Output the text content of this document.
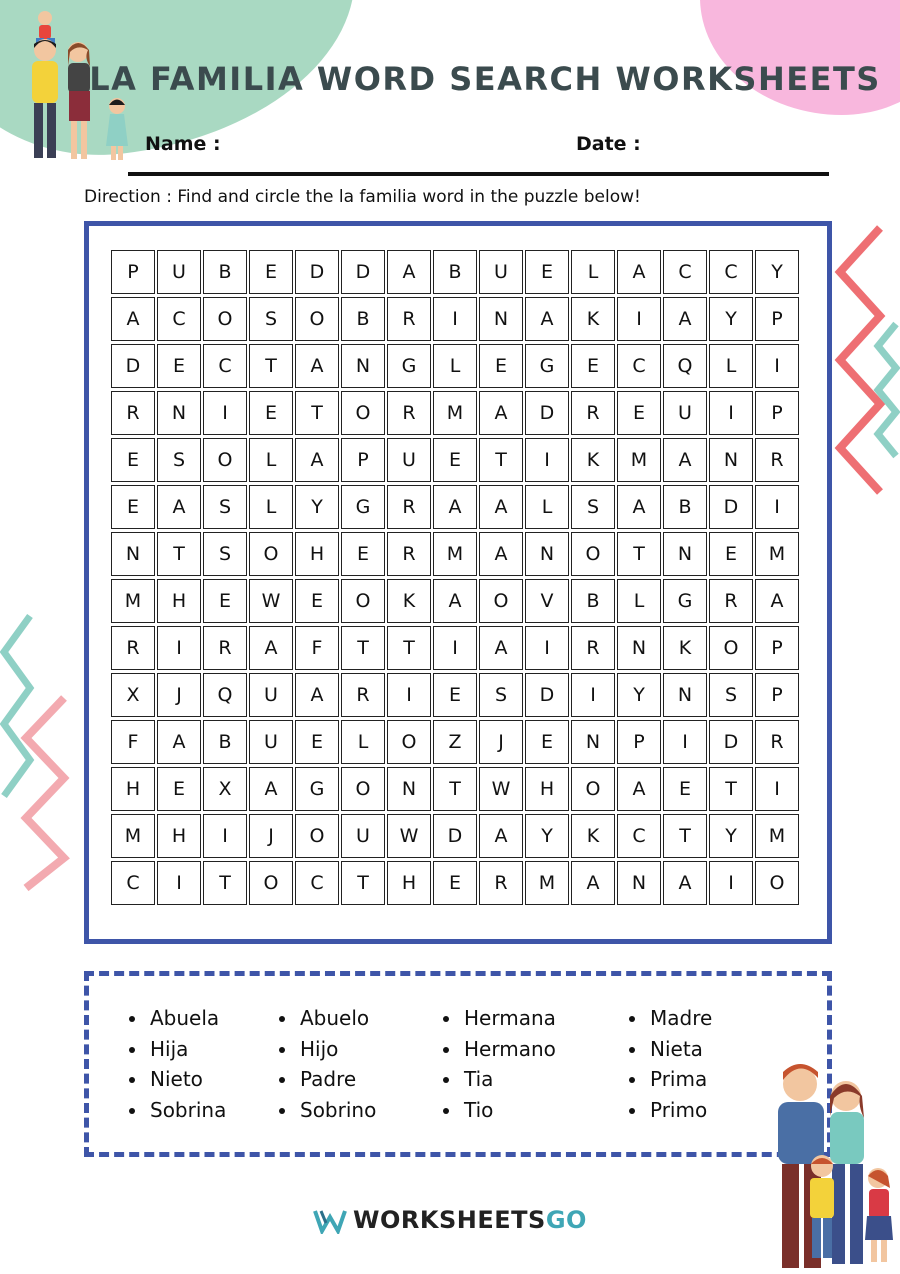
LA FAMILIA WORD SEARCH WORKSHEETS
Name :	Date :
Direction : Find and circle the la familia word in the puzzle below!
P	U	B	E	D	D	A	B	U	E	L	A	C	C	Y
A	C	O	S	O	B	R	I	N	A	K	I	A	Y	P
D	E	C	T	A	N	G	L	E	G	E	C	Q	L	I
R	N	I	E	T	O	R	M	A	D	R	E	U	I	P
E	S	O	L	A	P	U	E	T	I	K	M	A	N	R
E	A	S	L	Y	G	R	A	A	L	S	A	B	D	I
N	T	S	O	H	E	R	M	A	N	O	T	N	E	M
M	H	E	W	E	O	K	A	O	V	B	L	G	R	A
R	I	R	A	F	T	T	I	A	I	R	N	K	O	P
X	J	Q	U	A	R	I	E	S	D	I	Y	N	S	P
F	A	B	U	E	L	O	Z	J	E	N	P	I	D	R
H	E	X	A	G	O	N	T	W	H	O	A	E	T	I
M	H	I	J	O	U	W	D	A	Y	K	C	T	Y	M
C	I	T	O	C	T	H	E	R	M	A	N	A	I	O
• Abuela
• Hija
• Nieto
• Sobrina
• Abuelo
• Hijo
• Padre
• Sobrino
• Hermana
• Hermano
• Tia
• Tio
• Madre
• Nieta
• Prima
• Primo
WORKSHEETSGO
